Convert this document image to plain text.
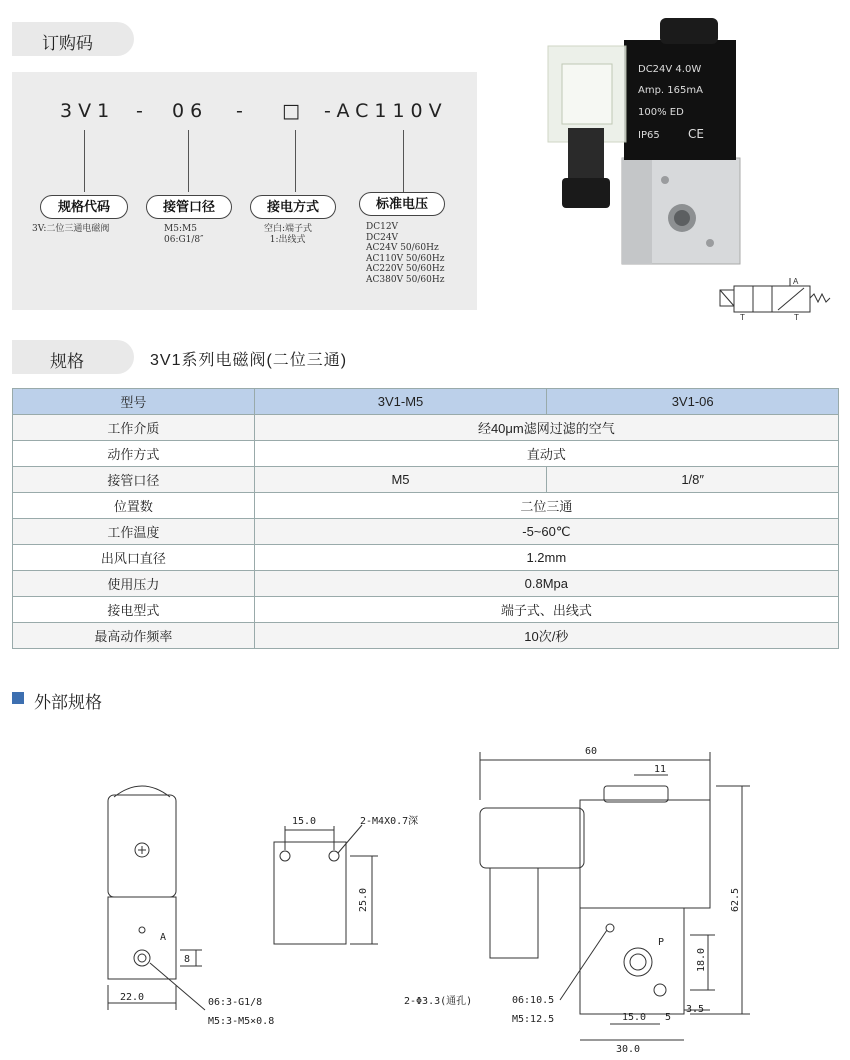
订购码
3V1 - 06 - □ -AC110V
规格代码	接管口径	接电方式	标准电压
3V:二位三通电磁阀	M5:M5
06:G1/8″
空白:端子式
1:出线式
DC12V
DC24V
AC24V 50/60Hz
AC110V 50/60Hz
AC220V 50/60Hz
AC380V 50/60Hz
DC24V 4.0W
Amp. 165mA
100% ED
IP65 CE
A
T	T
规格	3V1系列电磁阀(二位三通)
型号	3V1-M5	3V1-06
工作介质	经40μm滤网过滤的空气	
动作方式	直动式	
接管口径	M5	1/8″
位置数	二位三通	
工作温度	-5~60℃	
出风口直径	1.2mm	
使用压力	0.8Mpa	
接电型式	端子式、出线式	
最高动作频率	10次/秒	
外部规格
22.0
A
8
06:3-G1/8
M5:3-M5×0.8
15.0	2-M4X0.7深
25.0
60
11
62.5
18.0
P
2-Φ3.3(通孔)	06:10.5
M5:12.5	15.0 5
3.5
30.0
